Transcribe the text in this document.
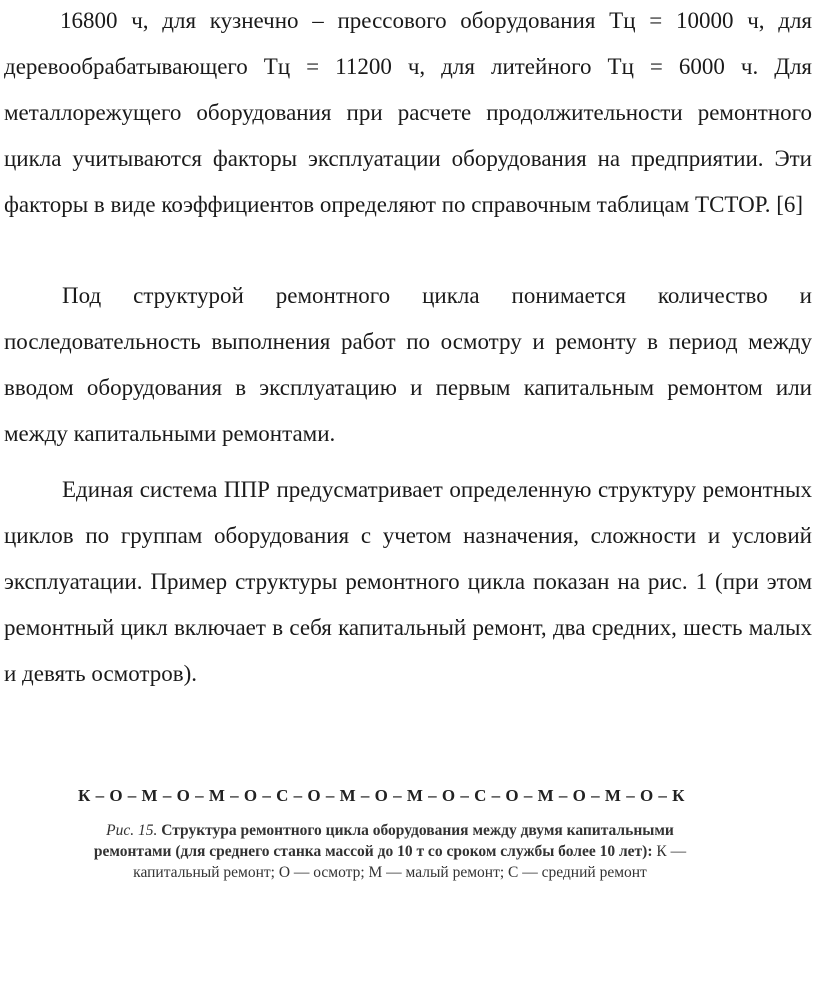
16800 ч, для кузнечно – прессового оборудования Тц = 10000 ч, для деревообрабатывающего Тц = 11200 ч, для литейного Тц = 6000 ч. Для металлорежущего оборудования при расчете продолжительности ремонтного цикла учитываются факторы эксплуатации оборудования на предприятии. Эти факторы в виде коэффициентов определяют по справочным таблицам ТСТОР. [6]

Под структурой ремонтного цикла понимается количество и последовательность выполнения работ по осмотру и ремонту в период между вводом оборудования в эксплуатацию и первым капитальным ремонтом или между капитальными ремонтами.

Единая система ППР предусматривает определенную структуру ремонтных циклов по группам оборудования с учетом назначения, сложности и условий эксплуатации. Пример структуры ремонтного цикла показан на рис. 1 (при этом ремонтный цикл включает в себя капитальный ремонт, два средних, шесть малых и девять осмотров).

К – О – М – О – М – О – С – О – М – О – М – О – С – О – М – О – М – О – К
Рис. 15. Структура ремонтного цикла оборудования между двумя капитальными ремонтами (для среднего станка массой до 10 т со сроком службы более 10 лет): К — капитальный ремонт; О — осмотр; М — малый ремонт; С — средний ремонт
